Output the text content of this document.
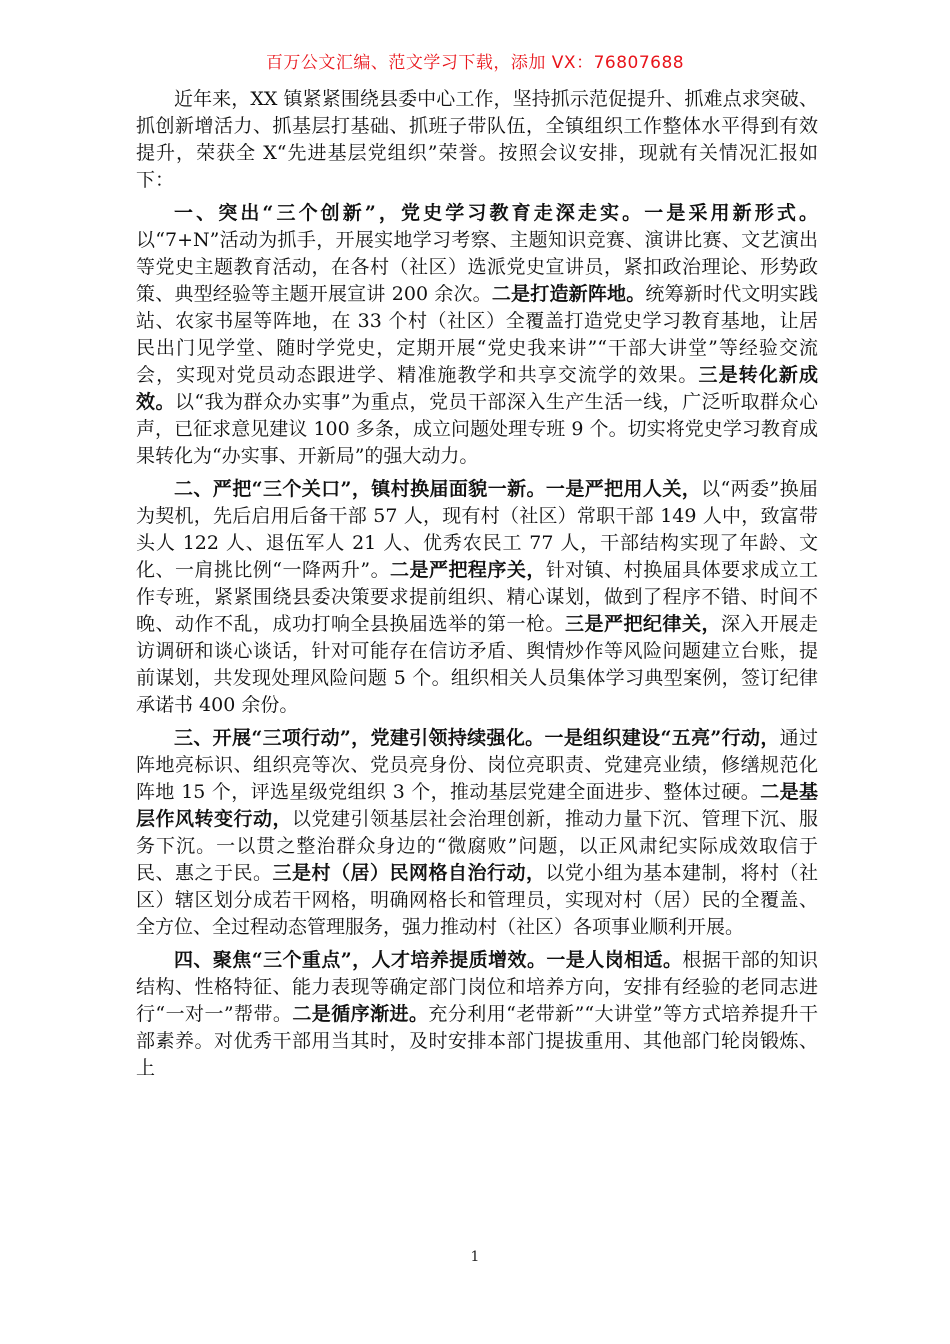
百万公文汇编、范文学习下载，添加 VX：76807688

近年来，XX 镇紧紧围绕县委中心工作，坚持抓示范促提升、抓难点求突破、抓创新增活力、抓基层打基础、抓班子带队伍，全镇组织工作整体水平得到有效提升，荣获全 X“先进基层党组织”荣誉。按照会议安排，现就有关情况汇报如下：

一、突出“三个创新”，党史学习教育走深走实。一是采用新形式。以“7+N”活动为抓手，开展实地学习考察、主题知识竞赛、演讲比赛、文艺演出等党史主题教育活动，在各村（社区）选派党史宣讲员，紧扣政治理论、形势政策、典型经验等主题开展宣讲 200 余次。二是打造新阵地。统筹新时代文明实践站、农家书屋等阵地，在 33 个村（社区）全覆盖打造党史学习教育基地，让居民出门见学堂、随时学党史，定期开展“党史我来讲”“干部大讲堂”等经验交流会，实现对党员动态跟进学、精准施教学和共享交流学的效果。三是转化新成效。以“我为群众办实事”为重点，党员干部深入生产生活一线，广泛听取群众心声，已征求意见建议 100 多条，成立问题处理专班 9 个。切实将党史学习教育成果转化为“办实事、开新局”的强大动力。

二、严把“三个关口”，镇村换届面貌一新。一是严把用人关，以“两委”换届为契机，先后启用后备干部 57 人，现有村（社区）常职干部 149 人中，致富带头人 122 人、退伍军人 21 人、优秀农民工 77 人，干部结构实现了年龄、文化、一肩挑比例“一降两升”。二是严把程序关，针对镇、村换届具体要求成立工作专班，紧紧围绕县委决策要求提前组织、精心谋划，做到了程序不错、时间不晚、动作不乱，成功打响全县换届选举的第一枪。三是严把纪律关，深入开展走访调研和谈心谈话，针对可能存在信访矛盾、舆情炒作等风险问题建立台账，提前谋划，共发现处理风险问题 5 个。组织相关人员集体学习典型案例，签订纪律承诺书 400 余份。

三、开展“三项行动”，党建引领持续强化。一是组织建设“五亮”行动，通过阵地亮标识、组织亮等次、党员亮身份、岗位亮职责、党建亮业绩，修缮规范化阵地 15 个，评选星级党组织 3 个，推动基层党建全面进步、整体过硬。二是基层作风转变行动，以党建引领基层社会治理创新，推动力量下沉、管理下沉、服务下沉。一以贯之整治群众身边的“微腐败”问题，以正风肃纪实际成效取信于民、惠之于民。三是村（居）民网格自治行动，以党小组为基本建制，将村（社区）辖区划分成若干网格，明确网格长和管理员，实现对村（居）民的全覆盖、全方位、全过程动态管理服务，强力推动村（社区）各项事业顺利开展。

四、聚焦“三个重点”，人才培养提质增效。一是人岗相适。根据干部的知识结构、性格特征、能力表现等确定部门岗位和培养方向，安排有经验的老同志进行“一对一”帮带。二是循序渐进。充分利用“老带新”“大讲堂”等方式培养提升干部素养。对优秀干部用当其时，及时安排本部门提拔重用、其他部门轮岗锻炼、上

1
